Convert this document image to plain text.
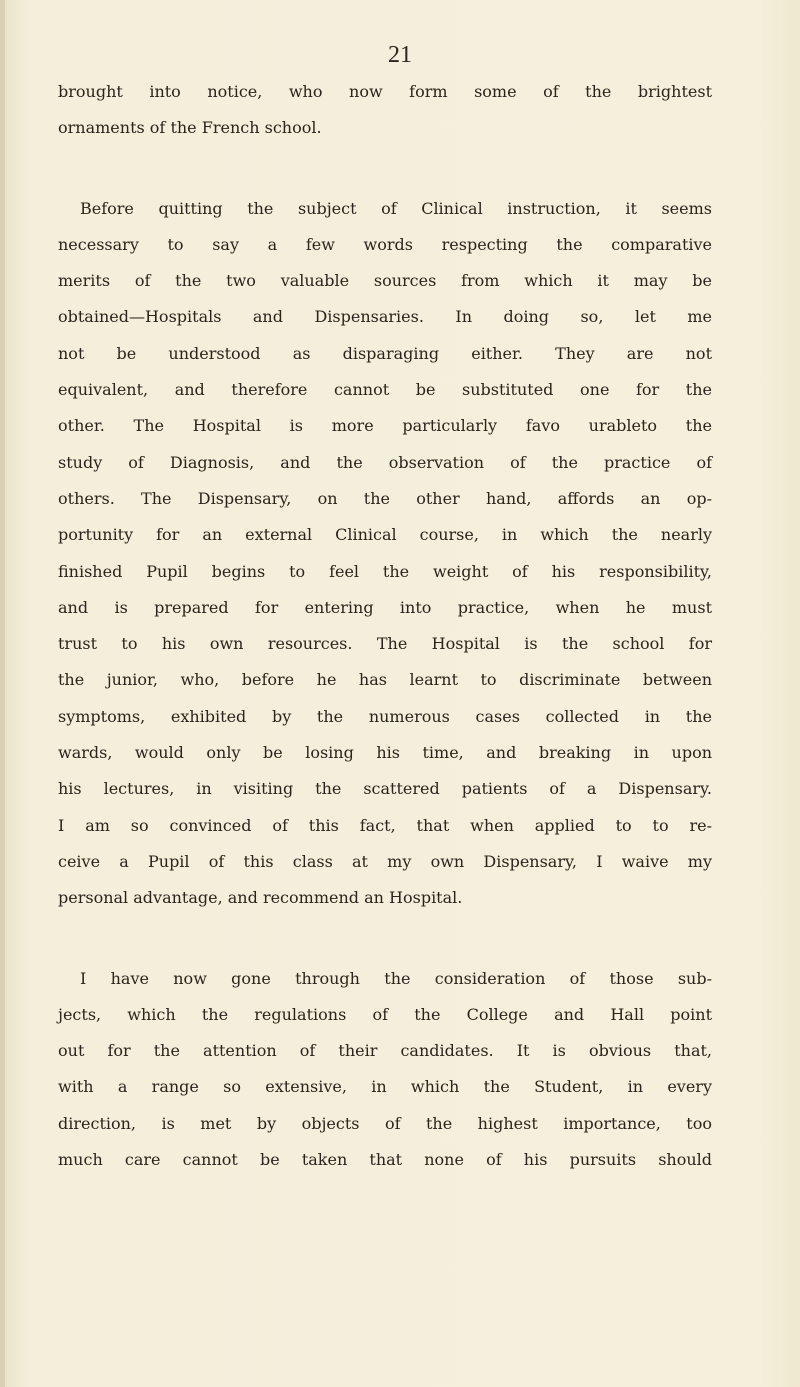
21
brought into notice, who now form some of the brightest
ornaments of the French school.
Before quitting the subject of Clinical instruction, it seems
necessary to say a few words respecting the comparative
merits of the two valuable sources from which it may be
obtained—Hospitals and Dispensaries. In doing so, let me
not be understood as disparaging either. They are not
equivalent, and therefore cannot be substituted one for the
other. The Hospital is more particularly favo urableto the
study of Diagnosis, and the observation of the practice of
others. The Dispensary, on the other hand, affords an op-
portunity for an external Clinical course, in which the nearly
finished Pupil begins to feel the weight of his responsibility,
and is prepared for entering into practice, when he must
trust to his own resources. The Hospital is the school for
the junior, who, before he has learnt to discriminate between
symptoms, exhibited by the numerous cases collected in the
wards, would only be losing his time, and breaking in upon
his lectures, in visiting the scattered patients of a Dispensary.
I am so convinced of this fact, that when applied to to re-
ceive a Pupil of this class at my own Dispensary, I waive my
personal advantage, and recommend an Hospital.
I have now gone through the consideration of those sub-
jects, which the regulations of the College and Hall point
out for the attention of their candidates. It is obvious that,
with a range so extensive, in which the Student, in every
direction, is met by objects of the highest importance, too
much care cannot be taken that none of his pursuits should
